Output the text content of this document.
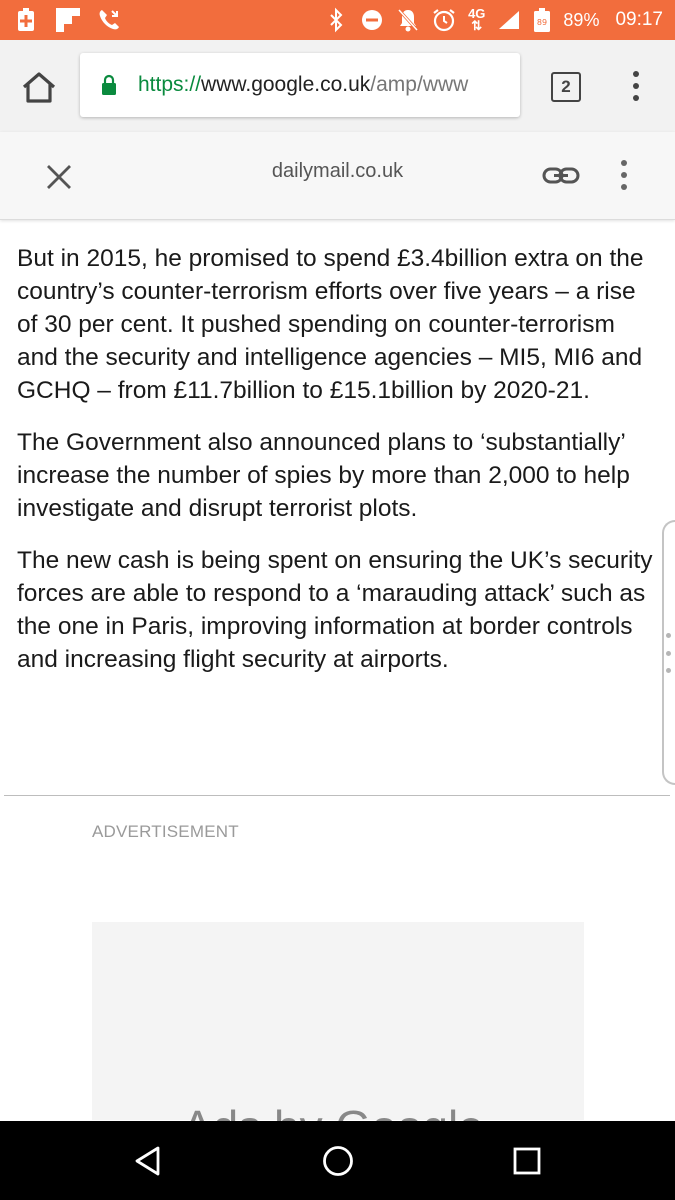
4G
⇅	89 89% 09:17
https://www.google.co.uk/amp/www	2
dailymail.co.uk

But in 2015, he promised to spend £3.4billion extra on the country’s counter-terrorism efforts over five years – a rise of 30 per cent. It pushed spending on counter-terrorism and the security and intelligence agencies – MI5, MI6 and GCHQ – from £11.7billion to £15.1billion by 2020-21.

The Government also announced plans to ‘substantially’ increase the number of spies by more than 2,000 to help investigate and disrupt terrorist plots.

The new cash is being spent on ensuring the UK’s security forces are able to respond to a ‘marauding attack’ such as the one in Paris, improving information at border controls and increasing flight security at airports.

ADVERTISEMENT
